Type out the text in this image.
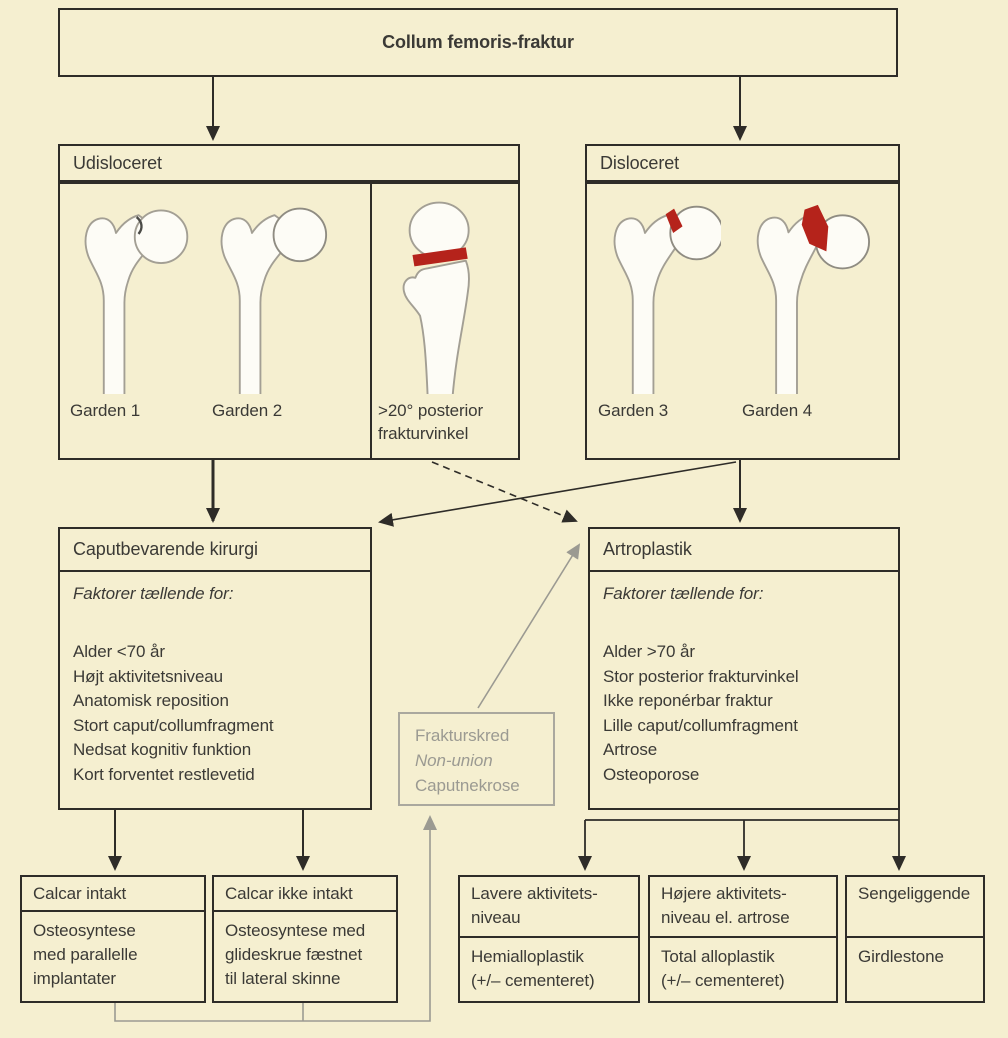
Collum femoris-fraktur
Udisloceret
Garden 1	Garden 2	>20° posterior
frakturvinkel
Disloceret
Garden 3	Garden 4
Caputbevarende kirurgi
Faktorer tællende for:
Alder <70 år
Højt aktivitetsniveau
Anatomisk reposition
Stort caput/collumfragment
Nedsat kognitiv funktion
Kort forventet restlevetid
Artroplastik
Faktorer tællende for:
Alder >70 år
Stor posterior frakturvinkel
Ikke reponérbar fraktur
Lille caput/collumfragment
Artrose
Osteoporose
Frakturskred
Non-union
Caputnekrose
Calcar intakt
Osteosyntese
med parallelle
implantater
Calcar ikke intakt
Osteosyntese med
glideskrue fæstnet
til lateral skinne
Lavere aktivitets-
niveau
Hemialloplastik
(+/– cementeret)
Højere aktivitets-
niveau el. artrose
Total alloplastik
(+/– cementeret)
Sengeliggende
Girdlestone
